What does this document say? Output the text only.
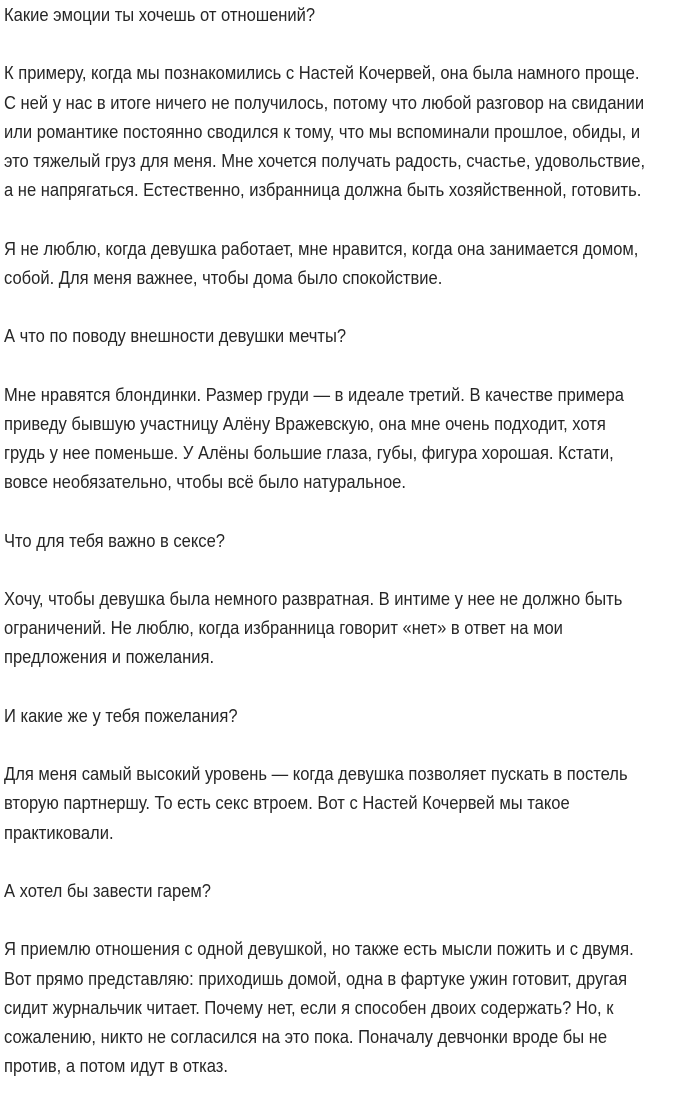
Какие эмоции ты хочешь от отношений?

К примеру, когда мы познакомились с Настей Кочервей, она была намного проще.
С ней у нас в итоге ничего не получилось, потому что любой разговор на свидании
или романтике постоянно сводился к тому, что мы вспоминали прошлое, обиды, и
это тяжелый груз для меня. Мне хочется получать радость, счастье, удовольствие,
а не напрягаться. Естественно, избранница должна быть хозяйственной, готовить.

Я не люблю, когда девушка работает, мне нравится, когда она занимается домом,
собой. Для меня важнее, чтобы дома было спокойствие.

А что по поводу внешности девушки мечты?

Мне нравятся блондинки. Размер груди — в идеале третий. В качестве примера
приведу бывшую участницу Алёну Вражевскую, она мне очень подходит, хотя
грудь у нее поменьше. У Алёны большие глаза, губы, фигура хорошая. Кстати,
вовсе необязательно, чтобы всё было натуральное.

Что для тебя важно в сексе?

Хочу, чтобы девушка была немного развратная. В интиме у нее не должно быть
ограничений. Не люблю, когда избранница говорит «нет» в ответ на мои
предложения и пожелания.

И какие же у тебя пожелания?

Для меня самый высокий уровень — когда девушка позволяет пускать в постель
вторую партнершу. То есть секс втроем. Вот с Настей Кочервей мы такое
практиковали.

А хотел бы завести гарем?

Я приемлю отношения с одной девушкой, но также есть мысли пожить и с двумя.
Вот прямо представляю: приходишь домой, одна в фартуке ужин готовит, другая
сидит журнальчик читает. Почему нет, если я способен двоих содержать? Но, к
сожалению, никто не согласился на это пока. Поначалу девчонки вроде бы не
против, а потом идут в отказ.
